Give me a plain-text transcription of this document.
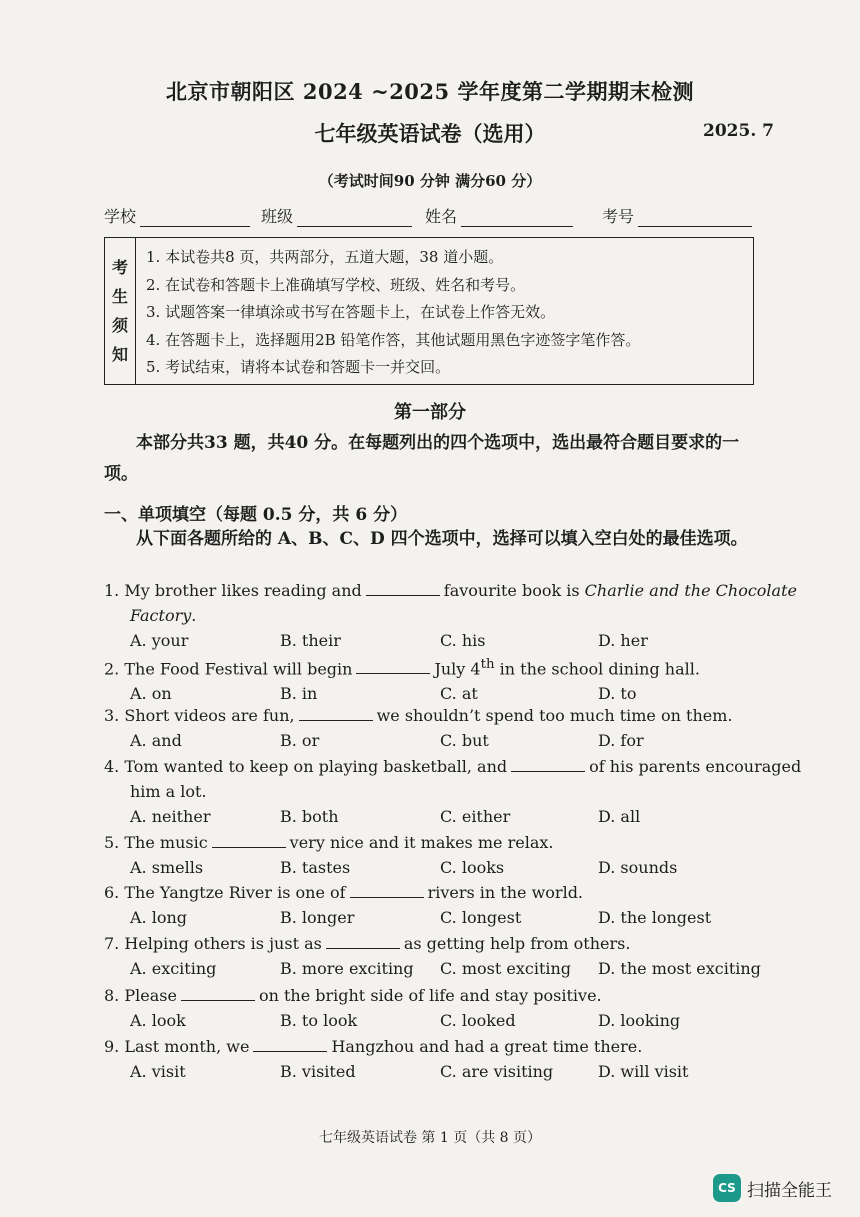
北京市朝阳区 2024 ~2025 学年度第二学期期末检测
七年级英语试卷（选用）	2025. 7
（考试时间90 分钟 满分60 分）
学校	班级	姓名	考号
考
生
须
知
1. 本试卷共8 页，共两部分，五道大题，38 道小题。
2. 在试卷和答题卡上准确填写学校、班级、姓名和考号。
3. 试题答案一律填涂或书写在答题卡上，在试卷上作答无效。
4. 在答题卡上，选择题用2B 铅笔作答，其他试题用黑色字迹签字笔作答。
5. 考试结束，请将本试卷和答题卡一并交回。
第一部分
本部分共33 题，共40 分。在每题列出的四个选项中，选出最符合题目要求的一项。
一、单项填空（每题 0.5 分，共 6 分）
从下面各题所给的 A、B、C、D 四个选项中，选择可以填入空白处的最佳选项。
1. My brother likes reading and	favourite book is Charlie and the Chocolate
Factory.
A. your	B. their	C. his	D. her
2. The Food Festival will begin	July 4th in the school dining hall.
A. on	B. in	C. at	D. to
3. Short videos are fun,	we shouldn’t spend too much time on them.
A. and	B. or	C. but	D. for
4. Tom wanted to keep on playing basketball, and	of his parents encouraged
him a lot.
A. neither	B. both	C. either	D. all
5. The music	very nice and it makes me relax.
A. smells	B. tastes	C. looks	D. sounds
6. The Yangtze River is one of	rivers in the world.
A. long	B. longer	C. longest	D. the longest
7. Helping others is just as	as getting help from others.
A. exciting	B. more exciting C. most exciting D. the most exciting
8. Please	on the bright side of life and stay positive.
A. look	B. to look	C. looked	D. looking
9. Last month, we	Hangzhou and had a great time there.
A. visit	B. visited	C. are visiting	D. will visit
七年级英语试卷 第 1 页（共 8 页）
CS 扫描全能王
